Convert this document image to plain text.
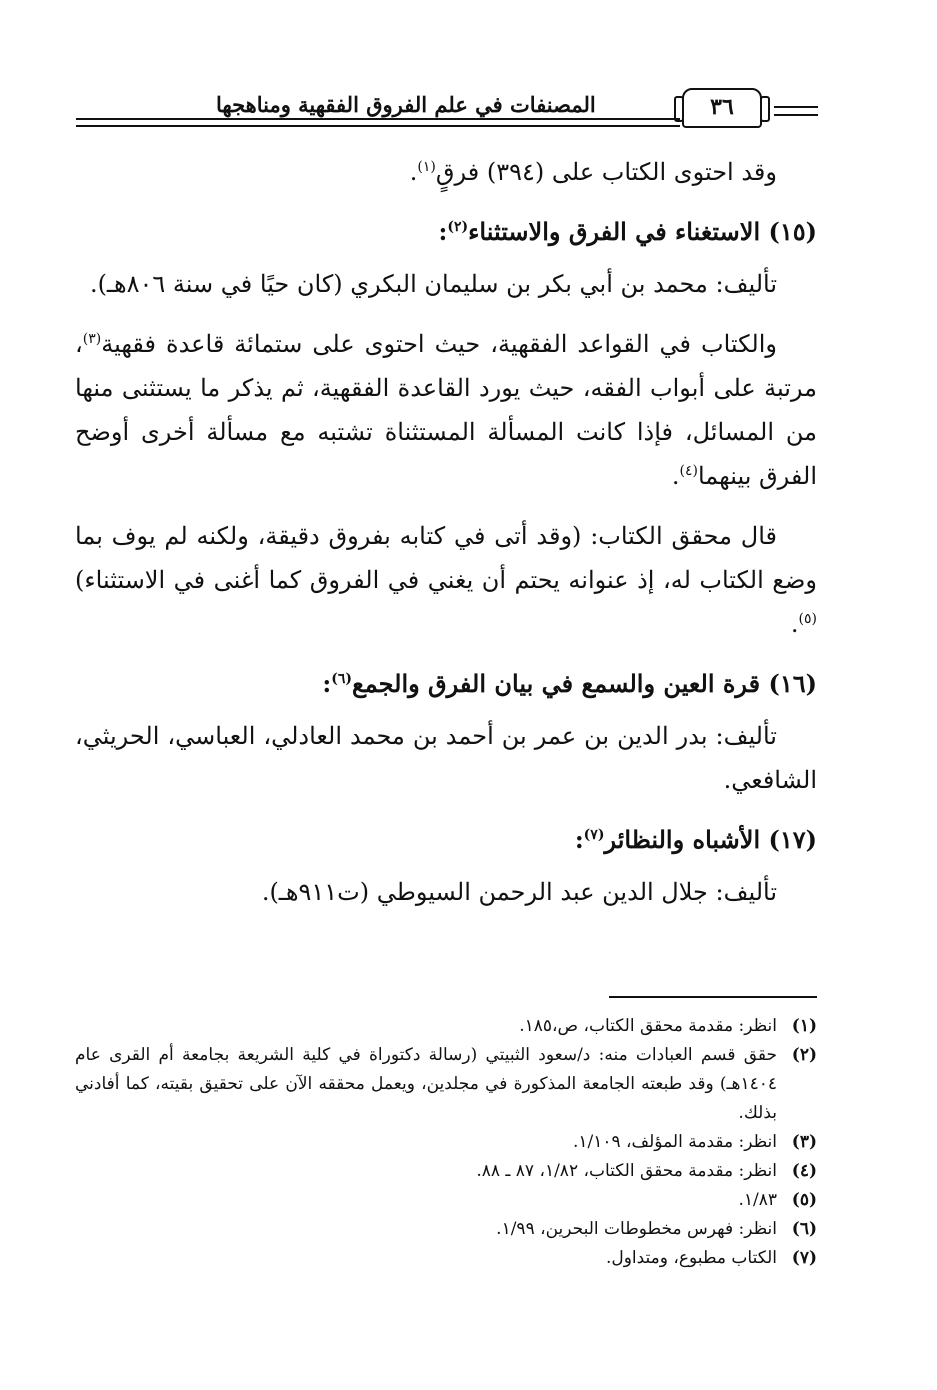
٣٦
المصنفات في علم الفروق الفقهية ومناهجها

وقد احتوى الكتاب على (٣٩٤) فرقٍ$^{(١)}$.

(١٥) الاستغناء في الفرق والاستثناء$^{(٢)}$:

تأليف: محمد بن أبي بكر بن سليمان البكري (كان حيًا في سنة ٨٠٦هـ).

والكتاب في القواعد الفقهية، حيث احتوى على ستمائة قاعدة فقهية$^{(٣)}$، مرتبة على أبواب الفقه، حيث يورد القاعدة الفقهية، ثم يذكر ما يستثنى منها من المسائل، فإذا كانت المسألة المستثناة تشتبه مع مسألة أخرى أوضح الفرق بينهما$^{(٤)}$.

قال محقق الكتاب: (وقد أتى في كتابه بفروق دقيقة، ولكنه لم يوف بما وضع الكتاب له، إذ عنوانه يحتم أن يغني في الفروق كما أغنى في الاستثناء)$^{(٥)}$.

(١٦) قرة العين والسمع في بيان الفرق والجمع$^{(٦)}$:

تأليف: بدر الدين بن عمر بن أحمد بن محمد العادلي، العباسي، الحريثي، الشافعي.

(١٧) الأشباه والنظائر$^{(٧)}$:

تأليف: جلال الدين عبد الرحمن السيوطي (ت٩١١هـ).

(١)
انظر: مقدمة محقق الكتاب، ص،١٨٥.
(٢)
حقق قسم العبادات منه: د/سعود الثبيتي (رسالة دكتوراة في كلية الشريعة بجامعة أم القرى عام ١٤٠٤هـ) وقد طبعته الجامعة المذكورة في مجلدين، ويعمل محققه الآن على تحقيق بقيته، كما أفادني بذلك.
(٣)
انظر: مقدمة المؤلف، ١/١٠٩.
(٤)
انظر: مقدمة محقق الكتاب، ١/٨٢، ٨٧ ـ ٨٨.
(٥)
١/٨٣.
(٦)
انظر: فهرس مخطوطات البحرين، ١/٩٩.
(٧)
الكتاب مطبوع، ومتداول.
